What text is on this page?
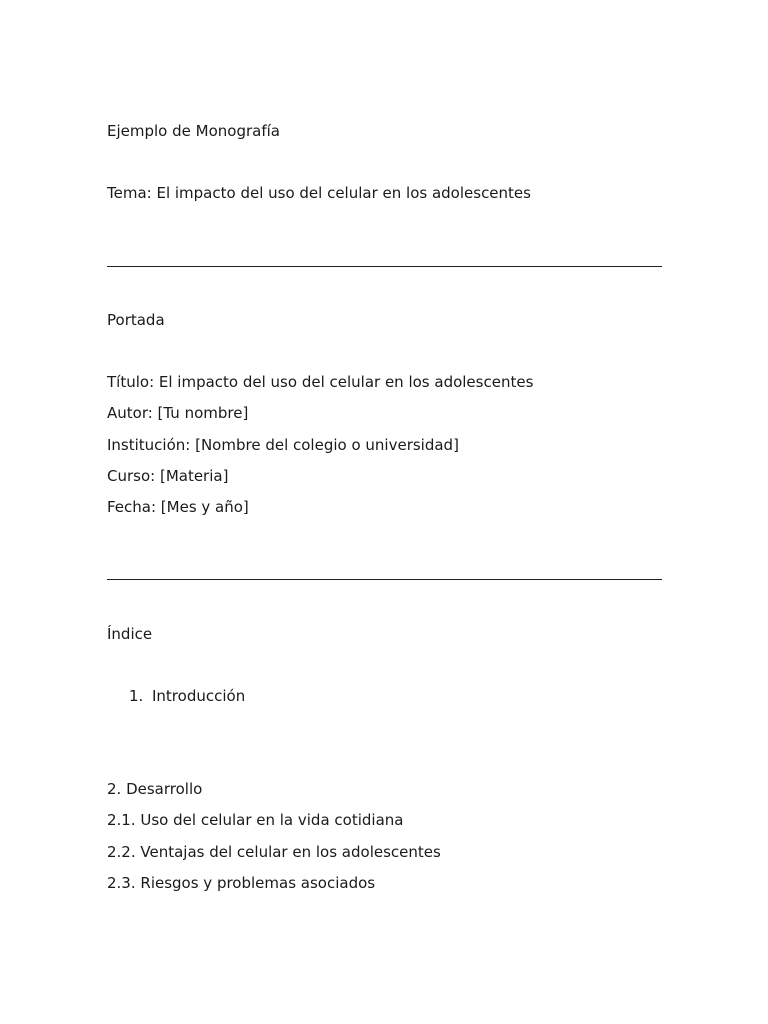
Ejemplo de Monografía
Tema: El impacto del uso del celular en los adolescentes
Portada
Título: El impacto del uso del celular en los adolescentes
Autor: [Tu nombre]
Institución: [Nombre del colegio o universidad]
Curso: [Materia]
Fecha: [Mes y año]
Índice
1. Introducción
2. Desarrollo
2.1. Uso del celular en la vida cotidiana
2.2. Ventajas del celular en los adolescentes
2.3. Riesgos y problemas asociados
